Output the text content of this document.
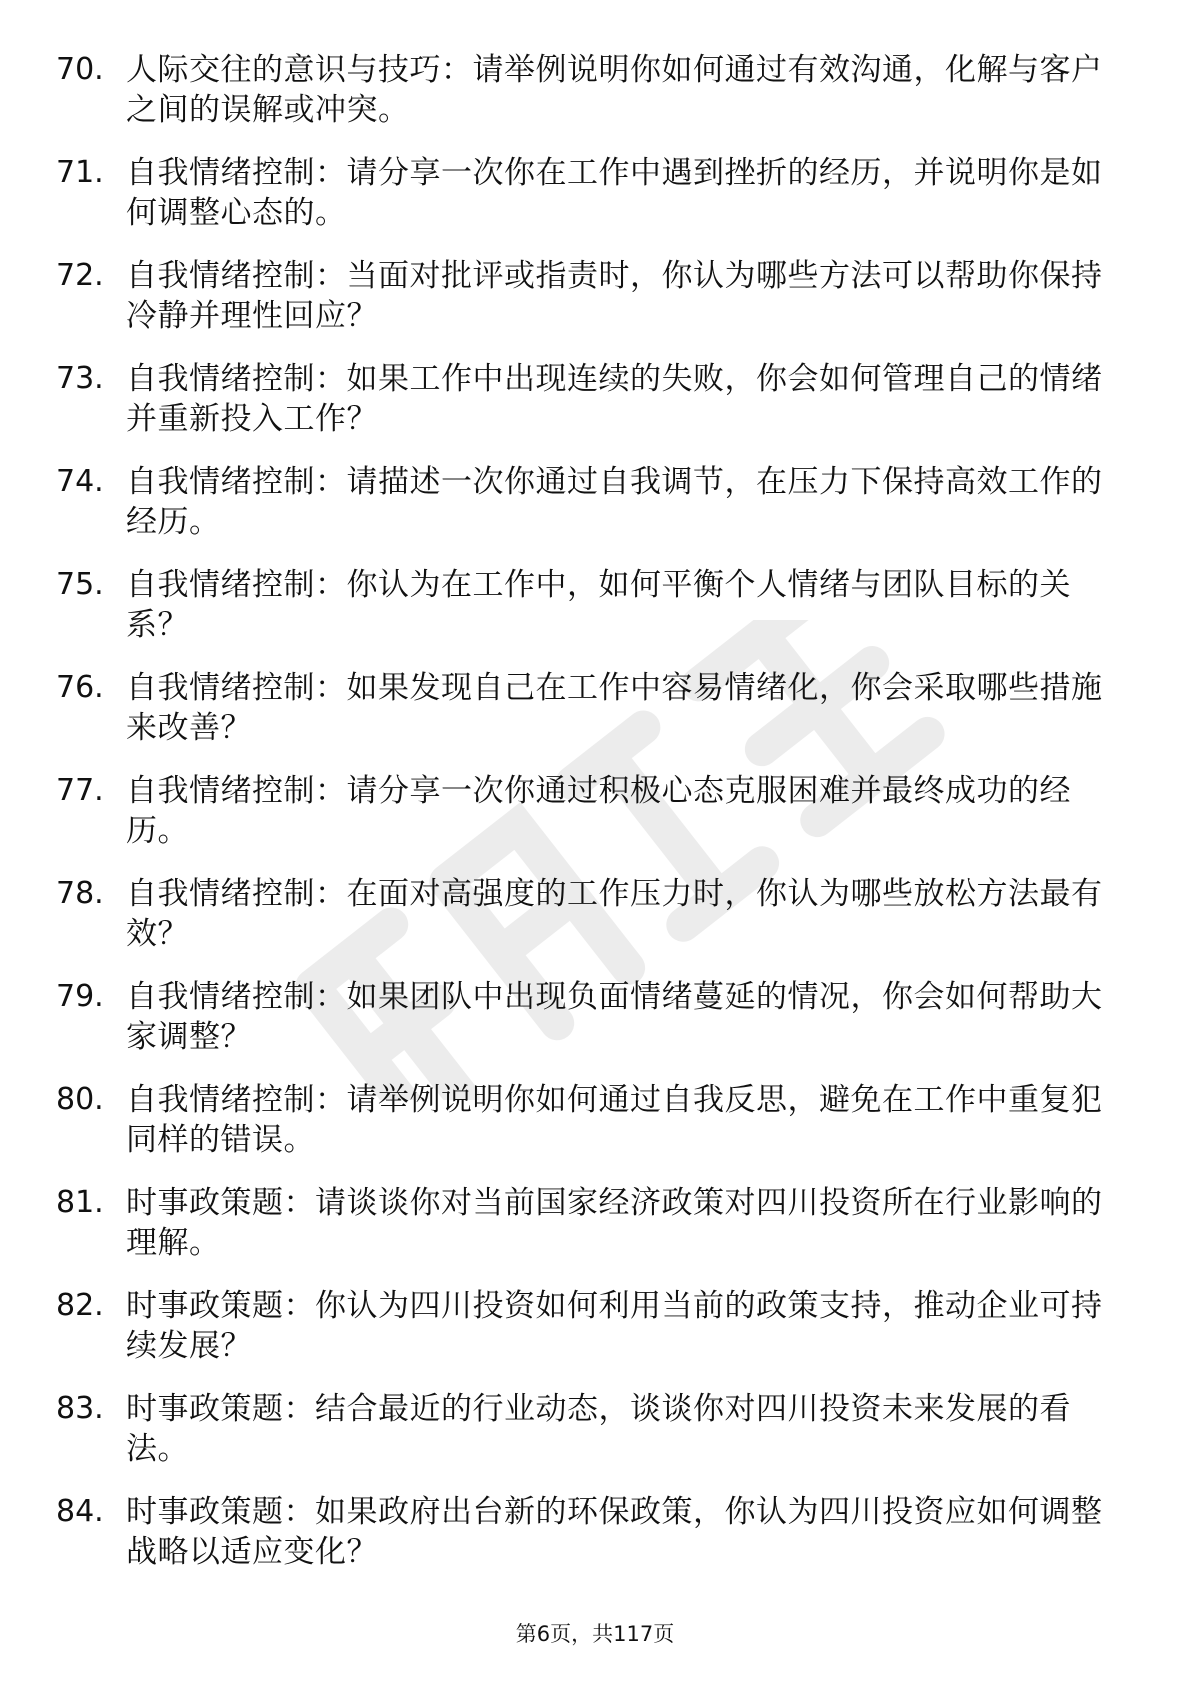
70. 人际交往的意识与技巧：请举例说明你如何通过有效沟通，化解与客户之间的误解或冲突。
71. 自我情绪控制：请分享一次你在工作中遇到挫折的经历，并说明你是如何调整心态的。
72. 自我情绪控制：当面对批评或指责时，你认为哪些方法可以帮助你保持冷静并理性回应？
73. 自我情绪控制：如果工作中出现连续的失败，你会如何管理自己的情绪并重新投入工作？
74. 自我情绪控制：请描述一次你通过自我调节，在压力下保持高效工作的经历。
75. 自我情绪控制：你认为在工作中，如何平衡个人情绪与团队目标的关系？
76. 自我情绪控制：如果发现自己在工作中容易情绪化，你会采取哪些措施来改善？
77. 自我情绪控制：请分享一次你通过积极心态克服困难并最终成功的经历。
78. 自我情绪控制：在面对高强度的工作压力时，你认为哪些放松方法最有效？
79. 自我情绪控制：如果团队中出现负面情绪蔓延的情况，你会如何帮助大家调整？
80. 自我情绪控制：请举例说明你如何通过自我反思，避免在工作中重复犯同样的错误。
81. 时事政策题：请谈谈你对当前国家经济政策对四川投资所在行业影响的理解。
82. 时事政策题：你认为四川投资如何利用当前的政策支持，推动企业可持续发展？
83. 时事政策题：结合最近的行业动态，谈谈你对四川投资未来发展的看法。
84. 时事政策题：如果政府出台新的环保政策，你认为四川投资应如何调整战略以适应变化？
第6页，共117页
